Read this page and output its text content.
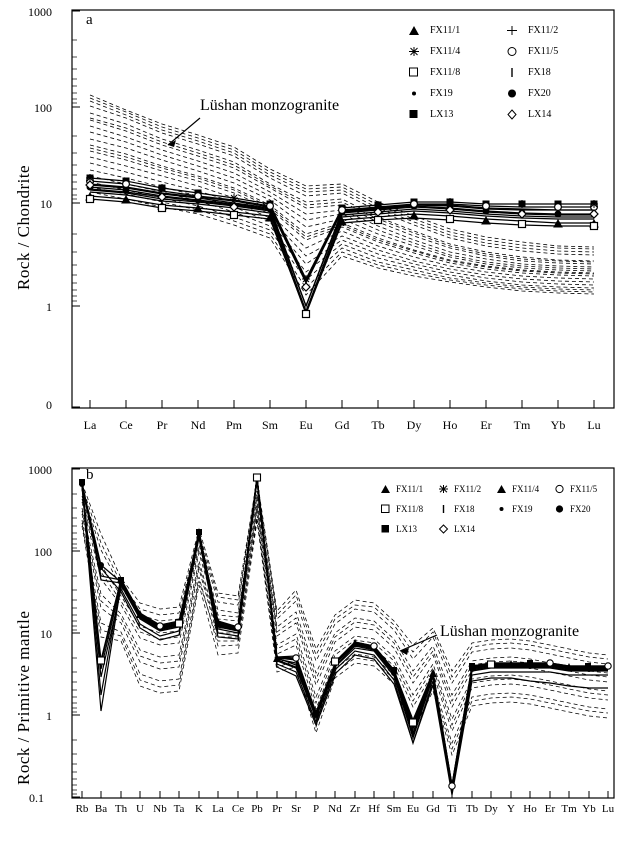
Rock / Chondrite
1000
100
10
1
0
a
Lüshan monzogranite
La	Ce	Pr	Nd	Pm	Sm	Eu	Gd	Tb	Dy	Ho	Er	Tm	Yb	Lu
FX11/1	FX11/2
FX11/4	FX11/5
FX11/8	FX18
FX19	FX20
LX13	LX14
Rock / Primitive mantle
1000
100
10
1
0.1
b
Lüshan monzogranite
Rb Ba Th U Nb Ta K La Ce Pb Pr Sr	P Nd Zr Hf Sm Eu Gd Ti Tb Dy Y Ho Er Tm Yb Lu
FX11/1	FX11/2	FX11/4	FX11/5
FX11/8	FX18	FX19	FX20
LX13	LX14
